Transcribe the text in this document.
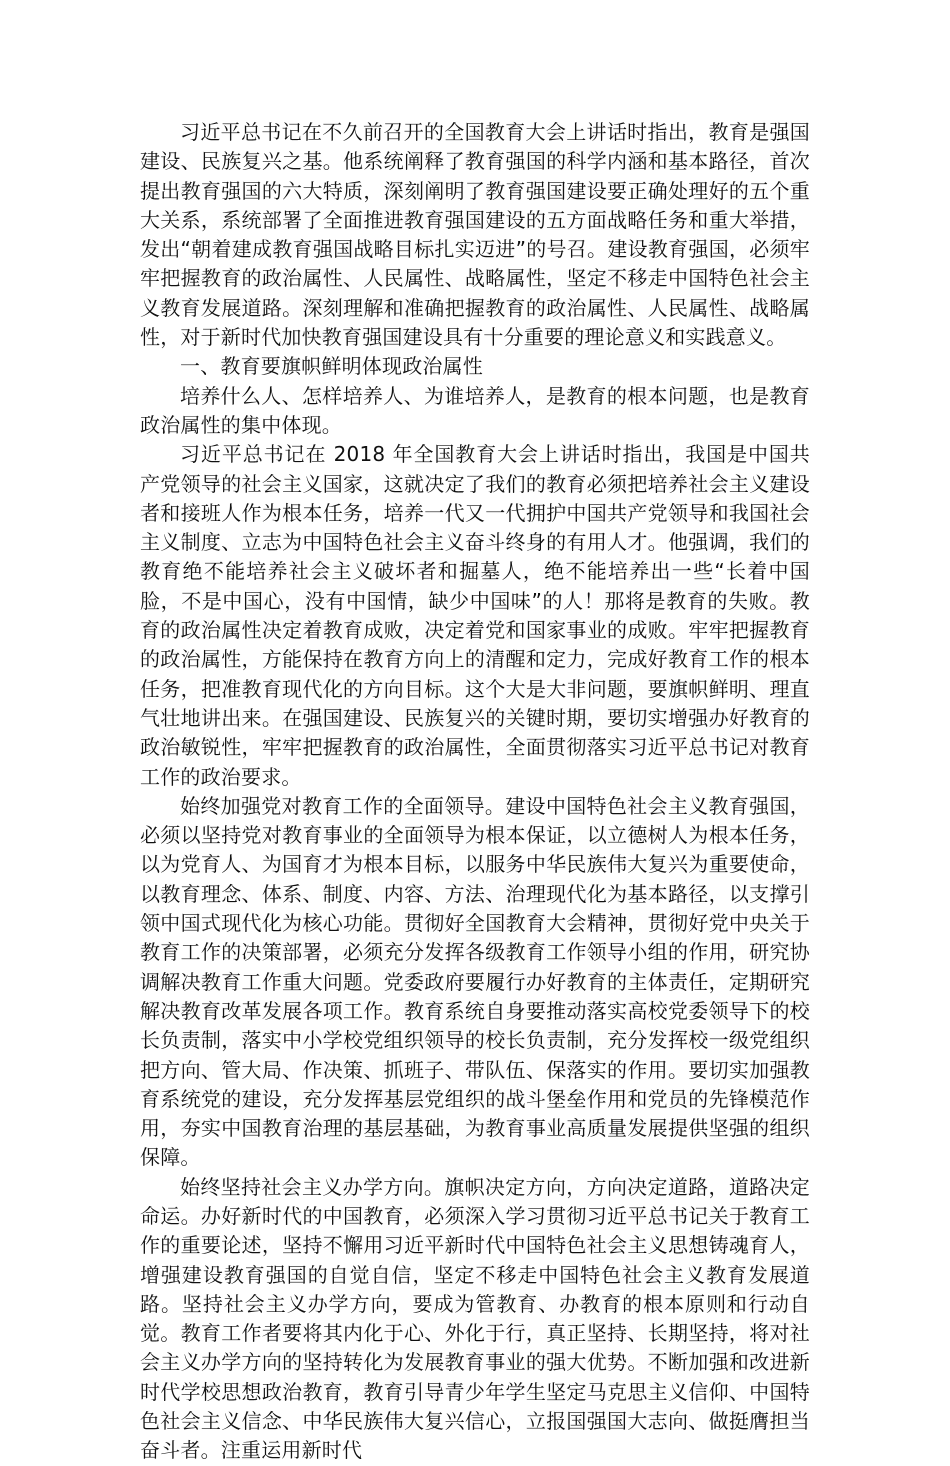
习近平总书记在不久前召开的全国教育大会上讲话时指出，教育是强国建设、民族复兴之基。他系统阐释了教育强国的科学内涵和基本路径，首次提出教育强国的六大特质，深刻阐明了教育强国建设要正确处理好的五个重大关系，系统部署了全面推进教育强国建设的五方面战略任务和重大举措，发出“朝着建成教育强国战略目标扎实迈进”的号召。建设教育强国，必须牢牢把握教育的政治属性、人民属性、战略属性，坚定不移走中国特色社会主义教育发展道路。深刻理解和准确把握教育的政治属性、人民属性、战略属性，对于新时代加快教育强国建设具有十分重要的理论意义和实践意义。

一、教育要旗帜鲜明体现政治属性

培养什么人、怎样培养人、为谁培养人，是教育的根本问题，也是教育政治属性的集中体现。

习近平总书记在 2018 年全国教育大会上讲话时指出，我国是中国共产党领导的社会主义国家，这就决定了我们的教育必须把培养社会主义建设者和接班人作为根本任务，培养一代又一代拥护中国共产党领导和我国社会主义制度、立志为中国特色社会主义奋斗终身的有用人才。他强调，我们的教育绝不能培养社会主义破坏者和掘墓人，绝不能培养出一些“长着中国脸，不是中国心，没有中国情，缺少中国味”的人！那将是教育的失败。教育的政治属性决定着教育成败，决定着党和国家事业的成败。牢牢把握教育的政治属性，方能保持在教育方向上的清醒和定力，完成好教育工作的根本任务，把准教育现代化的方向目标。这个大是大非问题，要旗帜鲜明、理直气壮地讲出来。在强国建设、民族复兴的关键时期，要切实增强办好教育的政治敏锐性，牢牢把握教育的政治属性，全面贯彻落实习近平总书记对教育工作的政治要求。

始终加强党对教育工作的全面领导。建设中国特色社会主义教育强国，必须以坚持党对教育事业的全面领导为根本保证，以立德树人为根本任务，以为党育人、为国育才为根本目标，以服务中华民族伟大复兴为重要使命，以教育理念、体系、制度、内容、方法、治理现代化为基本路径，以支撑引领中国式现代化为核心功能。贯彻好全国教育大会精神，贯彻好党中央关于教育工作的决策部署，必须充分发挥各级教育工作领导小组的作用，研究协调解决教育工作重大问题。党委政府要履行办好教育的主体责任，定期研究解决教育改革发展各项工作。教育系统自身要推动落实高校党委领导下的校长负责制，落实中小学校党组织领导的校长负责制，充分发挥校一级党组织把方向、管大局、作决策、抓班子、带队伍、保落实的作用。要切实加强教育系统党的建设，充分发挥基层党组织的战斗堡垒作用和党员的先锋模范作用，夯实中国教育治理的基层基础，为教育事业高质量发展提供坚强的组织保障。

始终坚持社会主义办学方向。旗帜决定方向，方向决定道路，道路决定命运。办好新时代的中国教育，必须深入学习贯彻习近平总书记关于教育工作的重要论述，坚持不懈用习近平新时代中国特色社会主义思想铸魂育人，增强建设教育强国的自觉自信，坚定不移走中国特色社会主义教育发展道路。坚持社会主义办学方向，要成为管教育、办教育的根本原则和行动自觉。教育工作者要将其内化于心、外化于行，真正坚持、长期坚持，将对社会主义办学方向的坚持转化为发展教育事业的强大优势。不断加强和改进新时代学校思想政治教育，教育引导青少年学生坚定马克思主义信仰、中国特色社会主义信念、中华民族伟大复兴信心，立报国强国大志向、做挺膺担当奋斗者。注重运用新时代
